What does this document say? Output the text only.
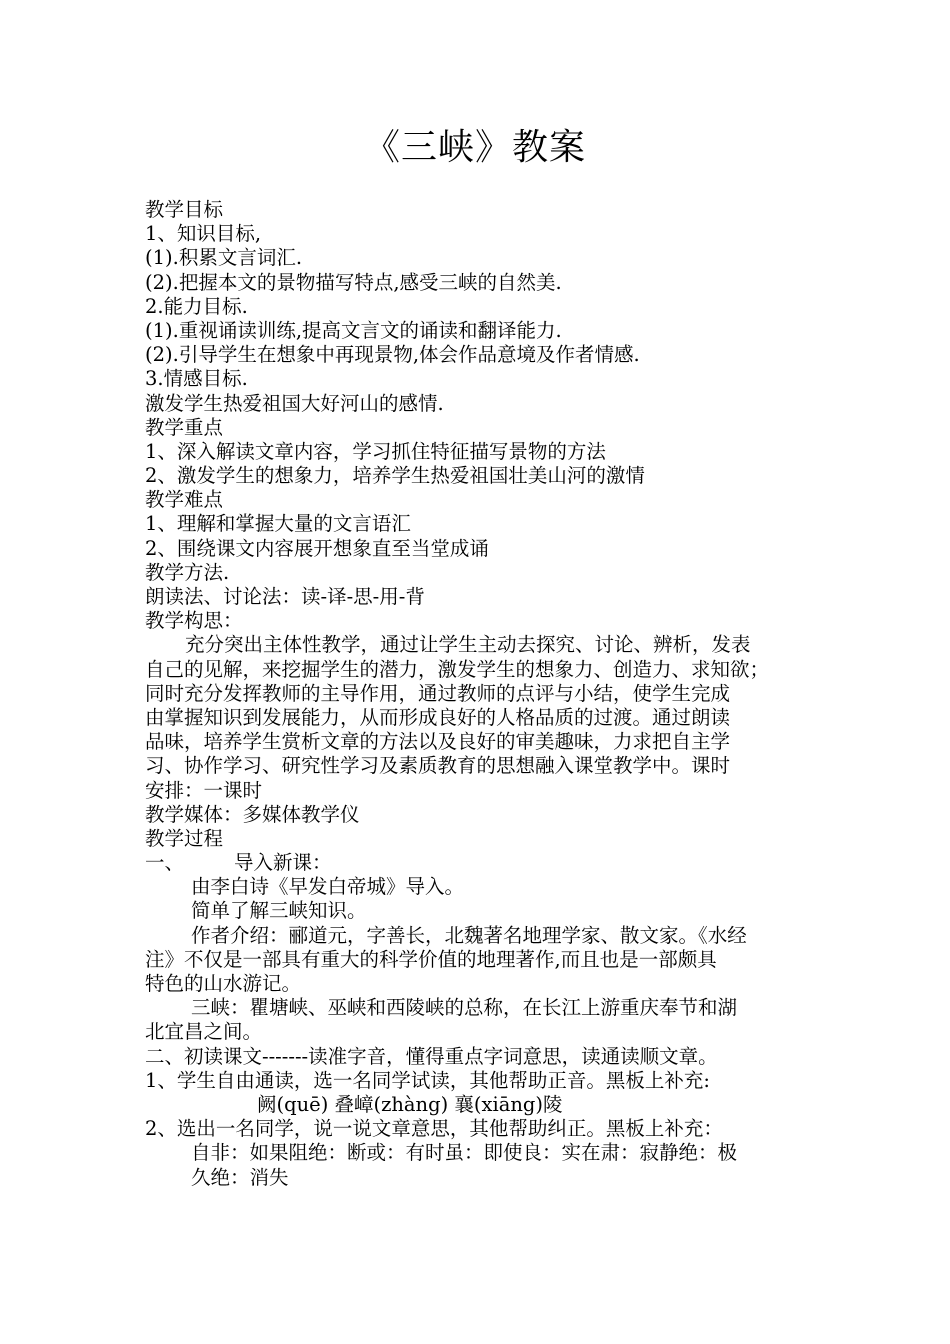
《三峡》教案
教学目标
1、知识目标,
(1).积累文言词汇.
(2).把握本文的景物描写特点,感受三峡的自然美.
2.能力目标.
(1).重视诵读训练,提高文言文的诵读和翻译能力.
(2).引导学生在想象中再现景物,体会作品意境及作者情感.
3.情感目标.
激发学生热爱祖国大好河山的感情.
教学重点
1、深入解读文章内容，学习抓住特征描写景物的方法
2、激发学生的想象力，培养学生热爱祖国壮美山河的激情
教学难点
1、理解和掌握大量的文言语汇
2、围绕课文内容展开想象直至当堂成诵
教学方法.
朗读法、讨论法：读-译-思-用-背
教学构思：
充分突出主体性教学，通过让学生主动去探究、讨论、辨析，发表
自己的见解，来挖掘学生的潜力，激发学生的想象力、创造力、求知欲；
同时充分发挥教师的主导作用，通过教师的点评与小结，使学生完成
由掌握知识到发展能力，从而形成良好的人格品质的过渡。通过朗读
品味，培养学生赏析文章的方法以及良好的审美趣味，力求把自主学
习、协作学习、研究性学习及素质教育的思想融入课堂教学中。课时
安排：一课时
教学媒体：多媒体教学仪
教学过程
一、	导入新课：
由李白诗《早发白帝城》导入。
简单了解三峡知识。
作者介绍：郦道元，字善长，北魏著名地理学家、散文家。《水经
注》不仅是一部具有重大的科学价值的地理著作,而且也是一部颇具
特色的山水游记。
三峡：瞿塘峡、巫峡和西陵峡的总称，在长江上游重庆奉节和湖
北宜昌之间。
二、初读课文-------读准字音，懂得重点字词意思，读通读顺文章。
1、学生自由通读，选一名同学试读，其他帮助正音。黑板上补充:
阙(quē) 叠嶂(zhàng) 襄(xiāng)陵
2、选出一名同学，说一说文章意思，其他帮助纠正。黑板上补充：
自非：如果阻绝：断或：有时虽：即使良：实在肃：寂静绝：极
久绝：消失
